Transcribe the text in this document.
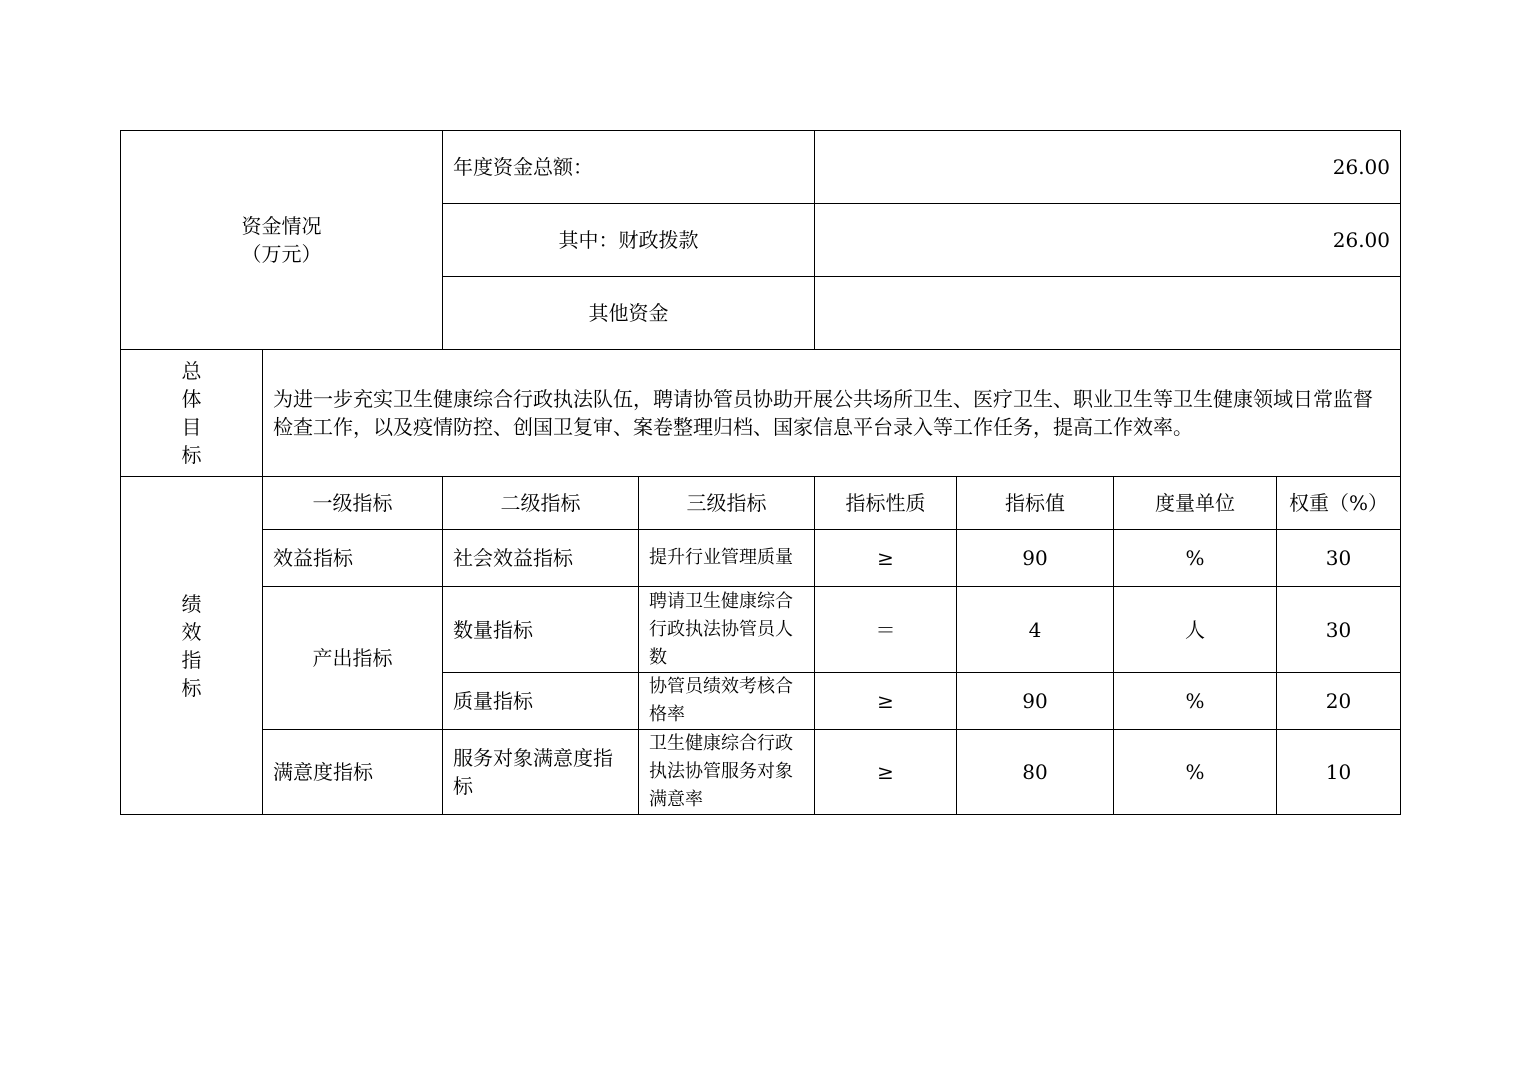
资金情况
（万元）		年度资金总额：		26.00			
		其中：财政拨款		26.00			
		其他资金					

总
体
目
标	为进一步充实卫生健康综合行政执法队伍，聘请协管员协助开展公共场所卫生、医疗卫生、职业卫生等卫生健康领域日常监督检查工作，以及疫情防控、创国卫复审、案卷整理归档、国家信息平台录入等工作任务，提高工作效率。						

绩
效
指
标	一级指标	二级指标	三级指标	指标性质	指标值	度量单位	权重（%）
	效益指标	社会效益指标	提升行业管理质量	≥	90	%	30
	产出指标	数量指标	聘请卫生健康综合行政执法协管员人数	＝	4	人	30
		质量指标	协管员绩效考核合格率	≥	90	%	20
	满意度指标	服务对象满意度指标	卫生健康综合行政执法协管服务对象满意率	≥	80	%	10
